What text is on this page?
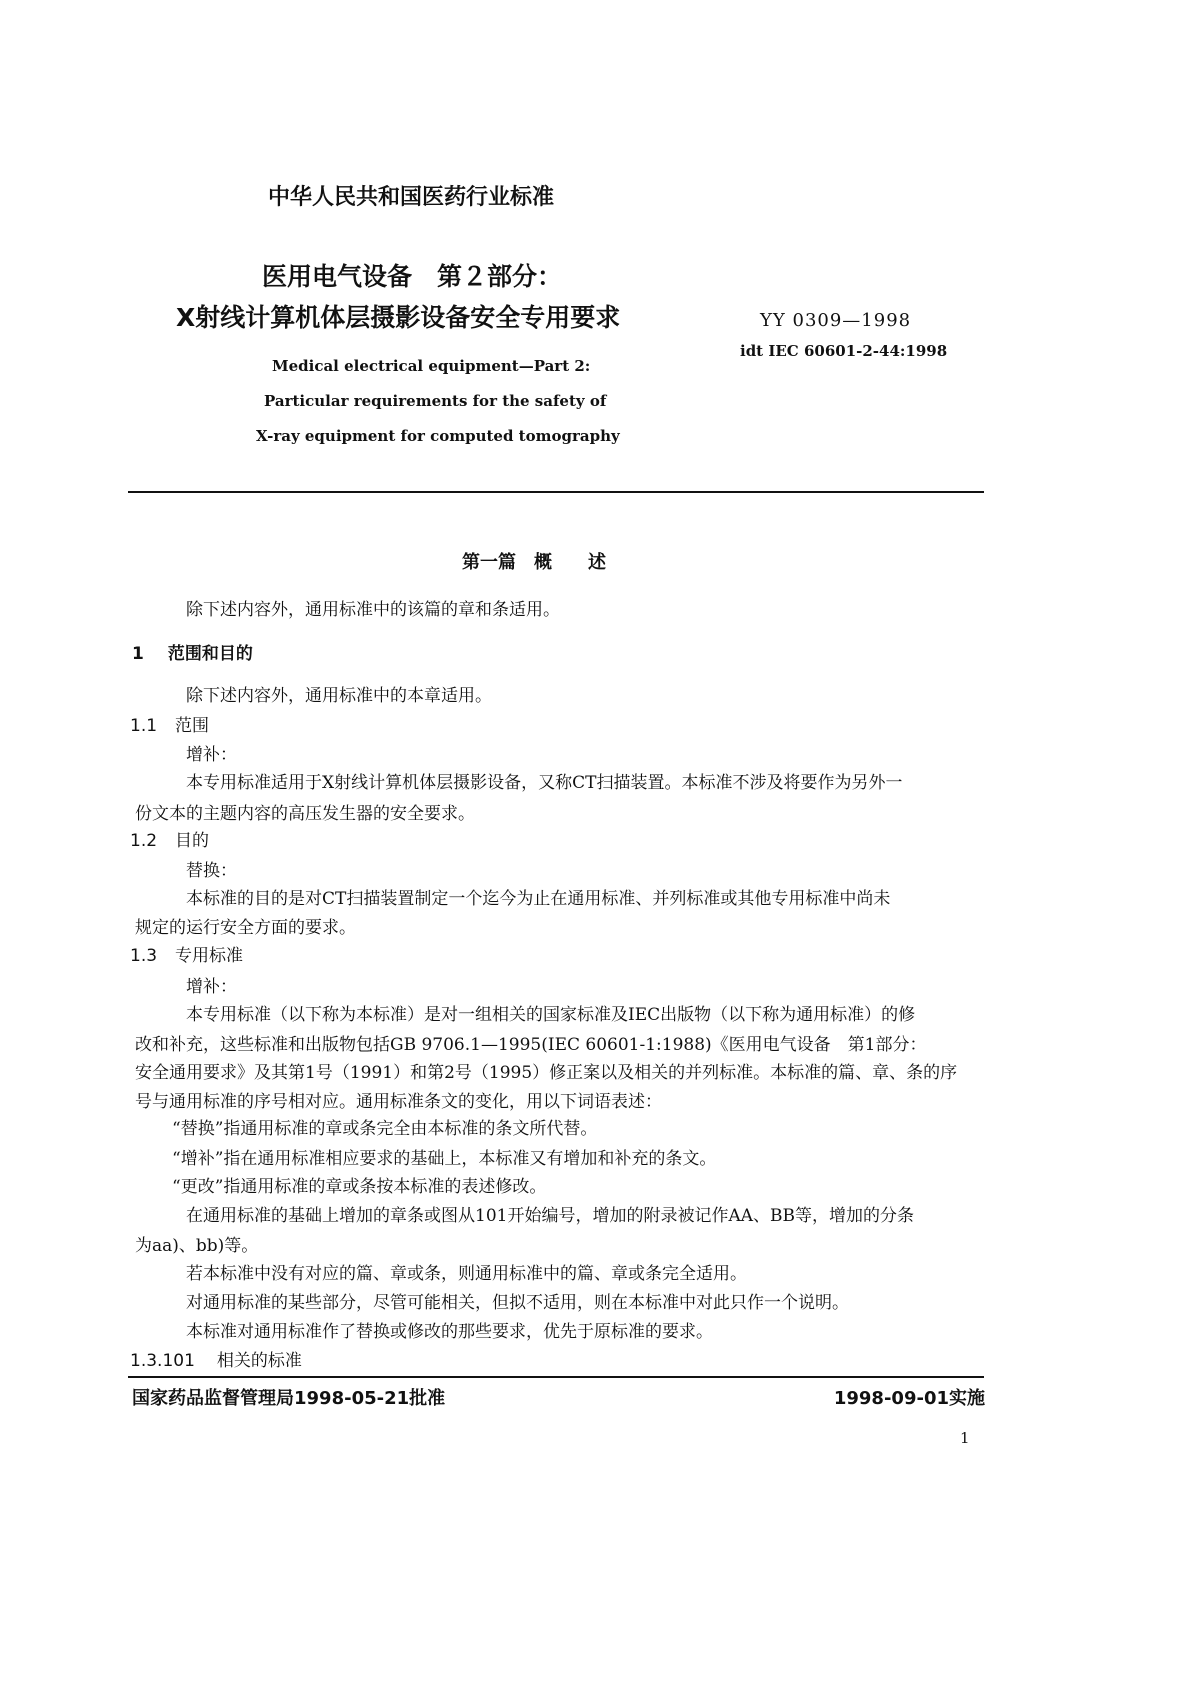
中华人民共和国医药行业标准
医用电气设备　第２部分：
X射线计算机体层摄影设备安全专用要求	YY 0309—1998
idt IEC 60601-2-44:1998
Medical electrical equipment—Part 2:
Particular requirements for the safety of
X-ray equipment for computed tomography
第一篇　概　　述
除下述内容外，通用标准中的该篇的章和条适用。
1 范围和目的
除下述内容外，通用标准中的本章适用。
1.1 范围
增补：
本专用标准适用于X射线计算机体层摄影设备，又称CT扫描装置。本标准不涉及将要作为另外一
份文本的主题内容的高压发生器的安全要求。
1.2 目的
替换：
本标准的目的是对CT扫描装置制定一个迄今为止在通用标准、并列标准或其他专用标准中尚未
规定的运行安全方面的要求。
1.3 专用标准
增补：
本专用标准（以下称为本标准）是对一组相关的国家标准及IEC出版物（以下称为通用标准）的修
改和补充，这些标准和出版物包括GB 9706.1—1995(IEC 60601-1:1988)《医用电气设备　第1部分：
安全通用要求》及其第1号（1991）和第2号（1995）修正案以及相关的并列标准。本标准的篇、章、条的序
号与通用标准的序号相对应。通用标准条文的变化，用以下词语表述：
“替换”指通用标准的章或条完全由本标准的条文所代替。
“增补”指在通用标准相应要求的基础上，本标准又有增加和补充的条文。
“更改”指通用标准的章或条按本标准的表述修改。
在通用标准的基础上增加的章条或图从101开始编号，增加的附录被记作AA、BB等，增加的分条
为aa)、bb)等。
若本标准中没有对应的篇、章或条，则通用标准中的篇、章或条完全适用。
对通用标准的某些部分，尽管可能相关，但拟不适用，则在本标准中对此只作一个说明。
本标准对通用标准作了替换或修改的那些要求，优先于原标准的要求。
1.3.101 相关的标准
国家药品监督管理局1998-05-21批准	1998-09-01实施
1
